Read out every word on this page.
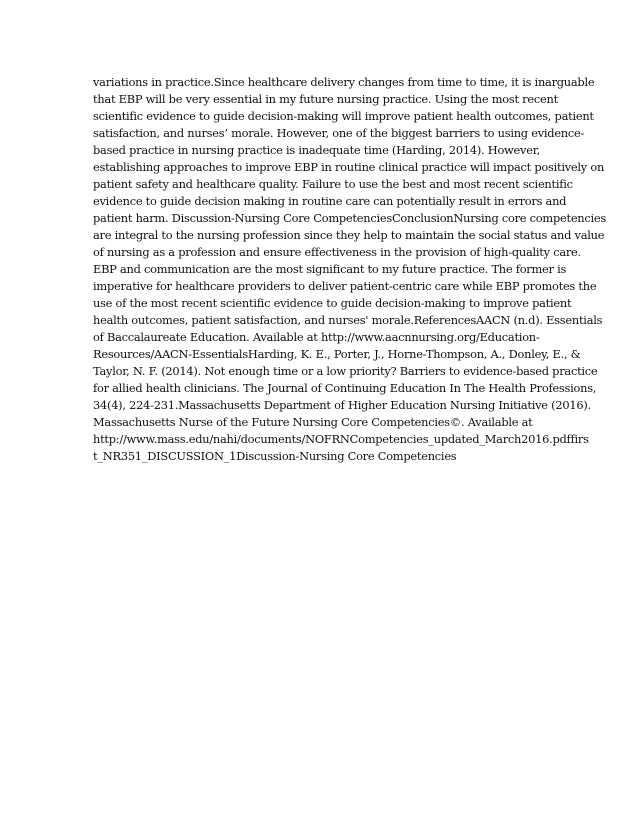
variations in practice.Since healthcare delivery changes from time to time, it is inarguable
that EBP will be very essential in my future nursing practice. Using the most recent
scientific evidence to guide decision-making will improve patient health outcomes, patient
satisfaction, and nurses’ morale. However, one of the biggest barriers to using evidence-
based practice in nursing practice is inadequate time (Harding, 2014). However,
establishing approaches to improve EBP in routine clinical practice will impact positively on
patient safety and healthcare quality. Failure to use the best and most recent scientific
evidence to guide decision making in routine care can potentially result in errors and
patient harm. Discussion-Nursing Core CompetenciesConclusionNursing core competencies
are integral to the nursing profession since they help to maintain the social status and value
of nursing as a profession and ensure effectiveness in the provision of high-quality care.
EBP and communication are the most significant to my future practice. The former is
imperative for healthcare providers to deliver patient-centric care while EBP promotes the
use of the most recent scientific evidence to guide decision-making to improve patient
health outcomes, patient satisfaction, and nurses' morale.ReferencesAACN (n.d). Essentials
of Baccalaureate Education. Available at http://www.aacnnursing.org/Education-
Resources/AACN-EssentialsHarding, K. E., Porter, J., Horne-Thompson, A., Donley, E., &
Taylor, N. F. (2014). Not enough time or a low priority? Barriers to evidence-based practice
for allied health clinicians. The Journal of Continuing Education In The Health Professions,
34(4), 224-231.Massachusetts Department of Higher Education Nursing Initiative (2016).
Massachusetts Nurse of the Future Nursing Core Competencies©. Available at
http://www.mass.edu/nahi/documents/NOFRNCompetencies_updated_March2016.pdffirs
t_NR351_DISCUSSION_1Discussion-Nursing Core Competencies
